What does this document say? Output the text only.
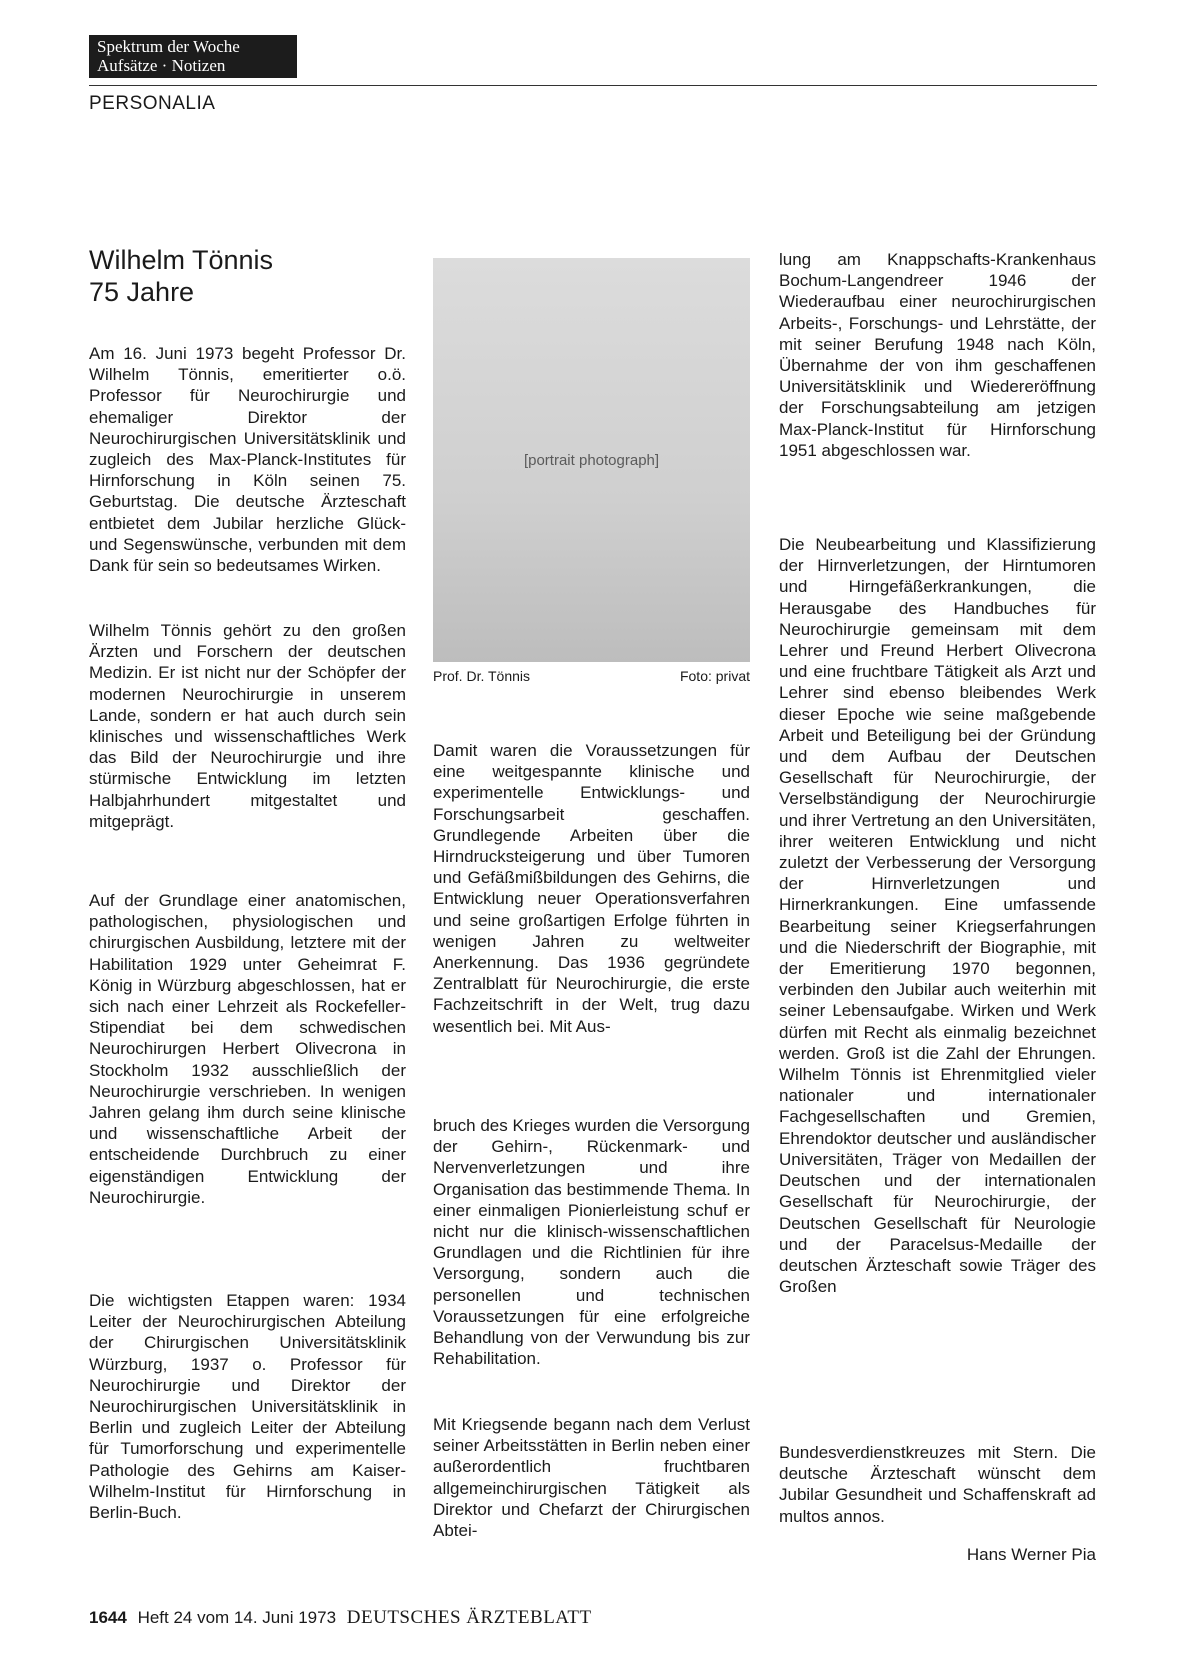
Spektrum der Woche
Aufsätze · Notizen
PERSONALIA
Wilhelm Tönnis
75 Jahre

Am 16. Juni 1973 begeht Professor Dr. Wilhelm Tönnis, emeritierter o.ö. Professor für Neurochirurgie und ehemaliger Direktor der Neurochirurgischen Universitätsklinik und zugleich des Max-Planck-Institutes für Hirnforschung in Köln seinen 75. Geburtstag. Die deutsche Ärzteschaft entbietet dem Jubilar herzliche Glück- und Segenswünsche, verbunden mit dem Dank für sein so bedeutsames Wirken.

Wilhelm Tönnis gehört zu den großen Ärzten und Forschern der deutschen Medizin. Er ist nicht nur der Schöpfer der modernen Neurochirurgie in unserem Lande, sondern er hat auch durch sein klinisches und wissenschaftliches Werk das Bild der Neurochirurgie und ihre stürmische Entwicklung im letzten Halbjahrhundert mitgestaltet und mitgeprägt.

Auf der Grundlage einer anatomischen, pathologischen, physiologischen und chirurgischen Ausbildung, letztere mit der Habilitation 1929 unter Geheimrat F. König in Würzburg abgeschlossen, hat er sich nach einer Lehrzeit als Rockefeller-Stipendiat bei dem schwedischen Neurochirurgen Herbert Olivecrona in Stockholm 1932 ausschließlich der Neurochirurgie verschrieben. In wenigen Jahren gelang ihm durch seine klinische und wissenschaftliche Arbeit der entscheidende Durchbruch zu einer eigenständigen Entwicklung der Neurochirurgie.

Die wichtigsten Etappen waren: 1934 Leiter der Neurochirurgischen Abteilung der Chirurgischen Universitätsklinik Würzburg, 1937 o. Professor für Neurochirurgie und Direktor der Neurochirurgischen Universitätsklinik in Berlin und zugleich Leiter der Abteilung für Tumorforschung und experimentelle Pathologie des Gehirns am Kaiser-Wilhelm-Institut für Hirnforschung in Berlin-Buch.

[portrait photograph]
Prof. Dr. Tönnis	Foto: privat

Damit waren die Voraussetzungen für eine weitgespannte klinische und experimentelle Entwicklungs- und Forschungsarbeit geschaffen. Grundlegende Arbeiten über die Hirndrucksteigerung und über Tumoren und Gefäßmißbildungen des Gehirns, die Entwicklung neuer Operationsverfahren und seine großartigen Erfolge führten in wenigen Jahren zu weltweiter Anerkennung. Das 1936 gegründete Zentralblatt für Neurochirurgie, die erste Fachzeitschrift in der Welt, trug dazu wesentlich bei. Mit Aus-

bruch des Krieges wurden die Versorgung der Gehirn-, Rückenmark- und Nervenverletzungen und ihre Organisation das bestimmende Thema. In einer einmaligen Pionierleistung schuf er nicht nur die klinisch-wissenschaftlichen Grundlagen und die Richtlinien für ihre Versorgung, sondern auch die personellen und technischen Voraussetzungen für eine erfolgreiche Behandlung von der Verwundung bis zur Rehabilitation.

Mit Kriegsende begann nach dem Verlust seiner Arbeitsstätten in Berlin neben einer außerordentlich fruchtbaren allgemeinchirurgischen Tätigkeit als Direktor und Chefarzt der Chirurgischen Abtei-

lung am Knappschafts-Krankenhaus Bochum-Langendreer 1946 der Wiederaufbau einer neurochirurgischen Arbeits-, Forschungs- und Lehrstätte, der mit seiner Berufung 1948 nach Köln, Übernahme der von ihm geschaffenen Universitätsklinik und Wiedereröffnung der Forschungsabteilung am jetzigen Max-Planck-Institut für Hirnforschung 1951 abgeschlossen war.

Die Neubearbeitung und Klassifizierung der Hirnverletzungen, der Hirntumoren und Hirngefäßerkrankungen, die Herausgabe des Handbuches für Neurochirurgie gemeinsam mit dem Lehrer und Freund Herbert Olivecrona und eine fruchtbare Tätigkeit als Arzt und Lehrer sind ebenso bleibendes Werk dieser Epoche wie seine maßgebende Arbeit und Beteiligung bei der Gründung und dem Aufbau der Deutschen Gesellschaft für Neurochirurgie, der Verselbständigung der Neurochirurgie und ihrer Vertretung an den Universitäten, ihrer weiteren Entwicklung und nicht zuletzt der Verbesserung der Versorgung der Hirnverletzungen und Hirnerkrankungen. Eine umfassende Bearbeitung seiner Kriegserfahrungen und die Niederschrift der Biographie, mit der Emeritierung 1970 begonnen, verbinden den Jubilar auch weiterhin mit seiner Lebensaufgabe. Wirken und Werk dürfen mit Recht als einmalig bezeichnet werden. Groß ist die Zahl der Ehrungen. Wilhelm Tönnis ist Ehrenmitglied vieler nationaler und internationaler Fachgesellschaften und Gremien, Ehrendoktor deutscher und ausländischer Universitäten, Träger von Medaillen der Deutschen und der internationalen Gesellschaft für Neurochirurgie, der Deutschen Gesellschaft für Neurologie und der Paracelsus-Medaille der deutschen Ärzteschaft sowie Träger des Großen

Bundesverdienstkreuzes mit Stern. Die deutsche Ärzteschaft wünscht dem Jubilar Gesundheit und Schaffenskraft ad multos annos.

Hans Werner Pia
1644 Heft 24 vom 14. Juni 1973 DEUTSCHES ÄRZTEBLATT
